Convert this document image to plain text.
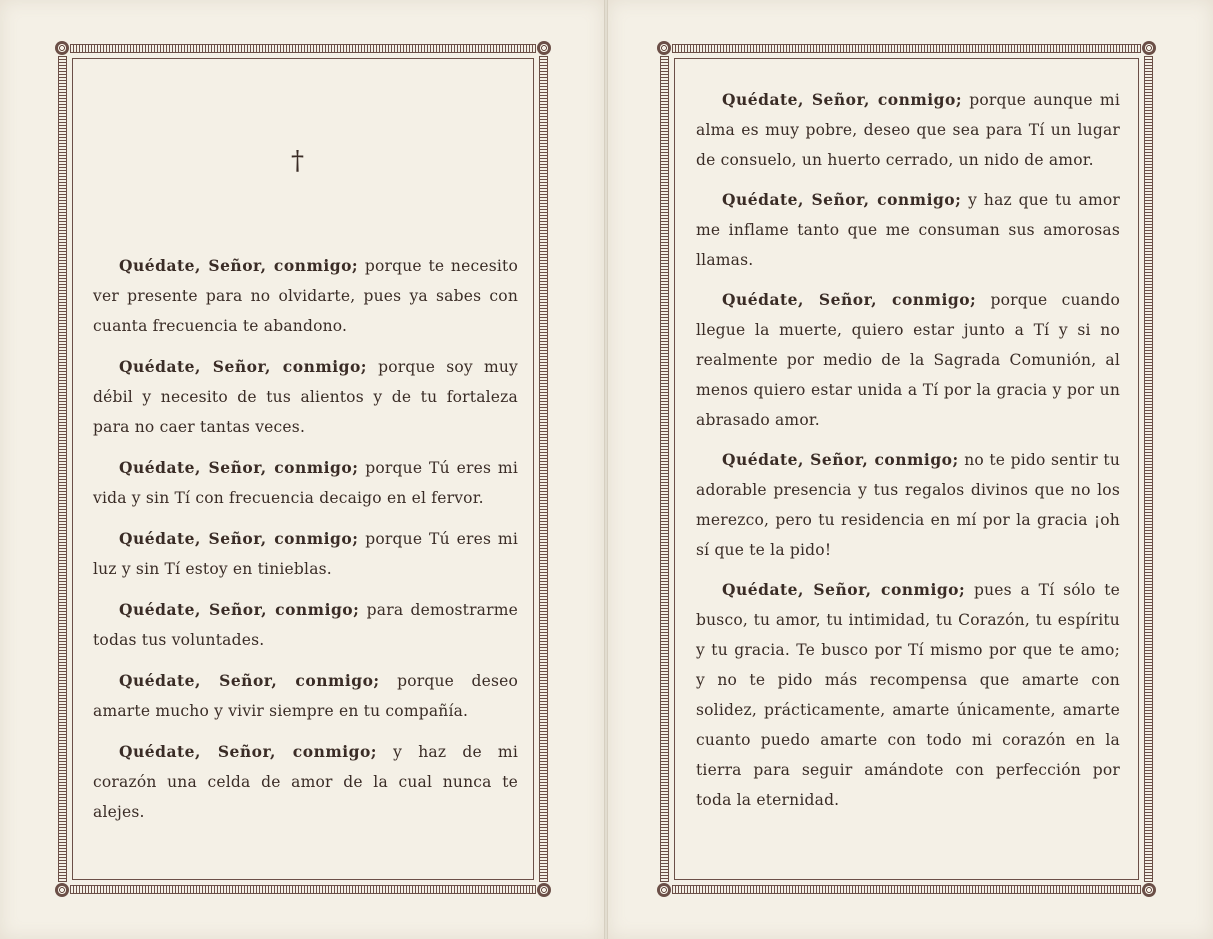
†

Quédate, Señor, conmigo; porque te necesito ver presente para no olvidarte, pues ya sabes con cuanta frecuencia te abandono.

Quédate, Señor, conmigo; porque soy muy débil y necesito de tus alientos y de tu fortaleza para no caer tantas veces.

Quédate, Señor, conmigo; porque Tú eres mi vida y sin Tí con frecuencia decaigo en el fervor.

Quédate, Señor, conmigo; porque Tú eres mi luz y sin Tí estoy en tinieblas.

Quédate, Señor, conmigo; para demostrarme todas tus voluntades.

Quédate, Señor, conmigo; porque deseo amarte mucho y vivir siempre en tu compañía.

Quédate, Señor, conmigo; y haz de mi corazón una celda de amor de la cual nunca te alejes.

Quédate, Señor, conmigo; porque aunque mi alma es muy pobre, deseo que sea para Tí un lugar de consuelo, un huerto cerrado, un nido de amor.

Quédate, Señor, conmigo; y haz que tu amor me inflame tanto que me consuman sus amorosas llamas.

Quédate, Señor, conmigo; porque cuando llegue la muerte, quiero estar junto a Tí y si no realmente por medio de la Sagrada Comunión, al menos quiero estar unida a Tí por la gracia y por un abrasado amor.

Quédate, Señor, conmigo; no te pido sentir tu adorable presencia y tus regalos divinos que no los merezco, pero tu residencia en mí por la gracia ¡oh sí que te la pido!

Quédate, Señor, conmigo; pues a Tí sólo te busco, tu amor, tu intimidad, tu Corazón, tu espíritu y tu gracia. Te busco por Tí mismo por que te amo; y no te pido más recompensa que amarte con solidez, prácticamente, amarte únicamente, amarte cuanto puedo amarte con todo mi corazón en la tierra para seguir amándote con perfección por toda la eternidad.
